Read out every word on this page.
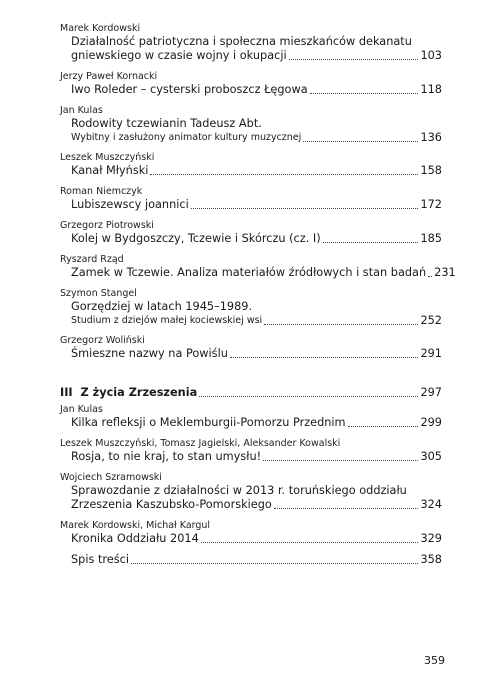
Marek Kordowski
Działalność patriotyczna i społeczna mieszkańców dekanatu
gniewskiego w czasie wojny i okupacji	103
Jerzy Paweł Kornacki
Iwo Roleder – cysterski proboszcz Łęgowa	118
Jan Kulas
Rodowity tczewianin Tadeusz Abt.
Wybitny i zasłużony animator kultury muzycznej	136
Leszek Muszczyński
Kanał Młyński	158
Roman Niemczyk
Lubiszewscy joannici	172
Grzegorz Piotrowski
Kolej w Bydgoszczy, Tczewie i Skórczu (cz. I)	185
Ryszard Rząd
Zamek w Tczewie. Analiza materiałów źródłowych i stan badań 231
Szymon Stangel
Gorzędziej w latach 1945–1989.
Studium z dziejów małej kociewskiej wsi	252
Grzegorz Woliński
Śmieszne nazwy na Powiślu	291
III
Z życia Zrzeszenia	297
Jan Kulas
Kilka refleksji o Meklemburgii-Pomorzu Przednim	299
Leszek Muszczyński, Tomasz Jagielski, Aleksander Kowalski
Rosja, to nie kraj, to stan umysłu!	305
Wojciech Szramowski
Sprawozdanie z działalności w 2013 r. toruńskiego oddziału
Zrzeszenia Kaszubsko-Pomorskiego	324
Marek Kordowski, Michał Kargul
Kronika Oddziału 2014	329
Spis treści	358
359
